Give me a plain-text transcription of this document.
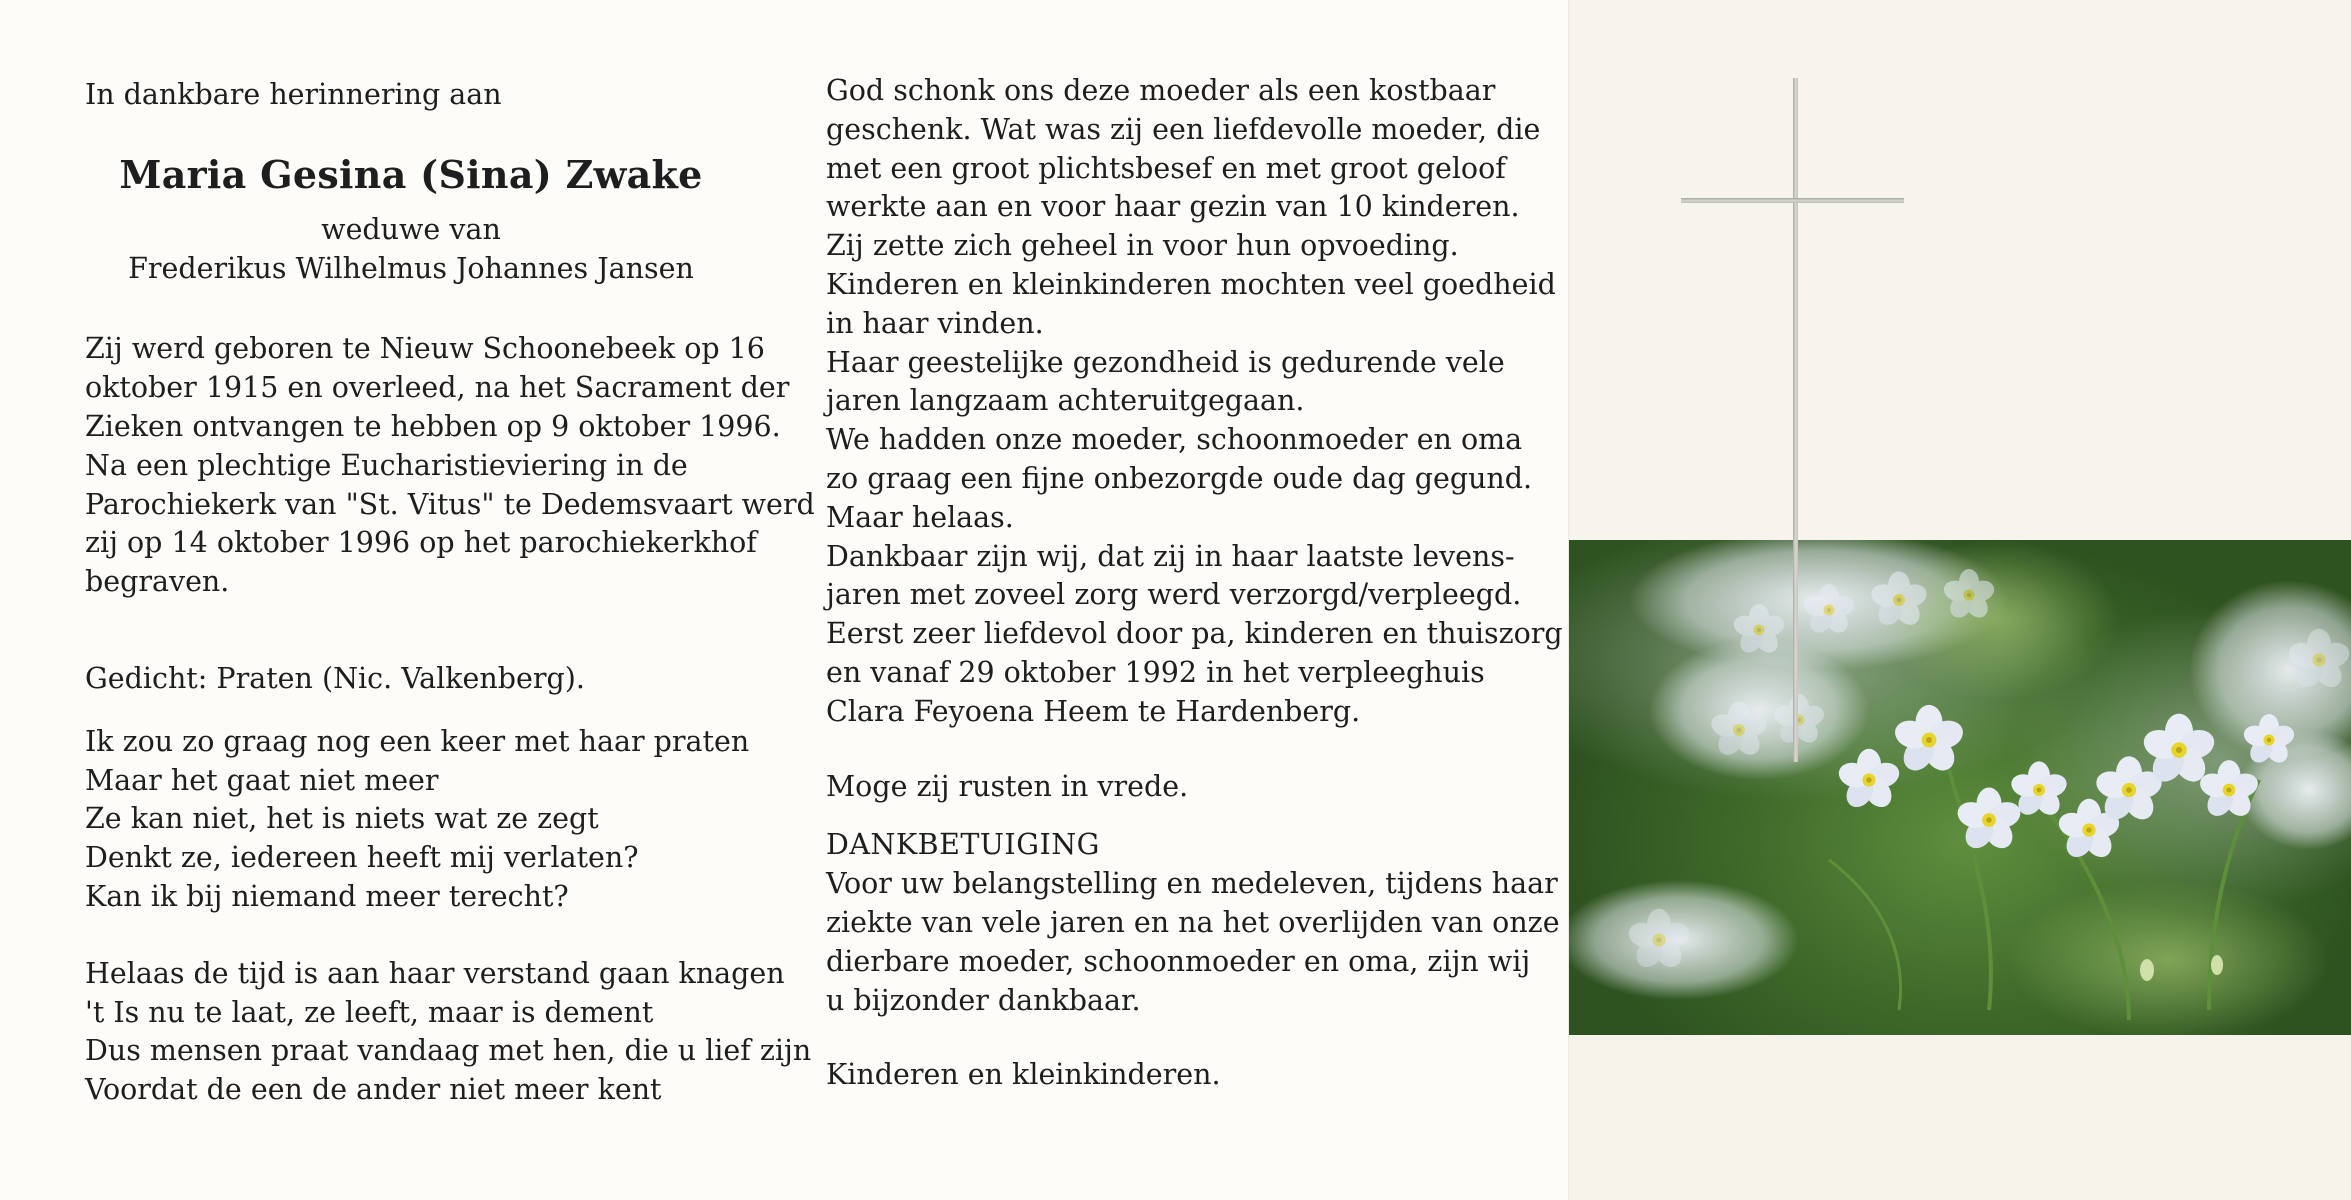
In dankbare herinnering aan

Maria Gesina (Sina) Zwake

weduwe van

Frederikus Wilhelmus Johannes Jansen

Zij werd geboren te Nieuw Schoonebeek op 16

oktober 1915 en overleed, na het Sacrament der

Zieken ontvangen te hebben op 9 oktober 1996.

Na een plechtige Eucharistieviering in de

Parochiekerk van "St. Vitus" te Dedemsvaart werd

zij op 14 oktober 1996 op het parochiekerkhof

begraven.

Gedicht: Praten (Nic. Valkenberg).

Ik zou zo graag nog een keer met haar praten

Maar het gaat niet meer

Ze kan niet, het is niets wat ze zegt

Denkt ze, iedereen heeft mij verlaten?

Kan ik bij niemand meer terecht?

Helaas de tijd is aan haar verstand gaan knagen

't Is nu te laat, ze leeft, maar is dement

Dus mensen praat vandaag met hen, die u lief zijn

Voordat de een de ander niet meer kent

God schonk ons deze moeder als een kostbaar

geschenk. Wat was zij een liefdevolle moeder, die

met een groot plichtsbesef en met groot geloof

werkte aan en voor haar gezin van 10 kinderen.

Zij zette zich geheel in voor hun opvoeding.

Kinderen en kleinkinderen mochten veel goedheid

in haar vinden.

Haar geestelijke gezondheid is gedurende vele

jaren langzaam achteruitgegaan.

We hadden onze moeder, schoonmoeder en oma

zo graag een fijne onbezorgde oude dag gegund.

Maar helaas.

Dankbaar zijn wij, dat zij in haar laatste levens-

jaren met zoveel zorg werd verzorgd/verpleegd.

Eerst zeer liefdevol door pa, kinderen en thuiszorg

en vanaf 29 oktober 1992 in het verpleeghuis

Clara Feyoena Heem te Hardenberg.

Moge zij rusten in vrede.

DANKBETUIGING

Voor uw belangstelling en medeleven, tijdens haar

ziekte van vele jaren en na het overlijden van onze

dierbare moeder, schoonmoeder en oma, zijn wij

u bijzonder dankbaar.

Kinderen en kleinkinderen.
